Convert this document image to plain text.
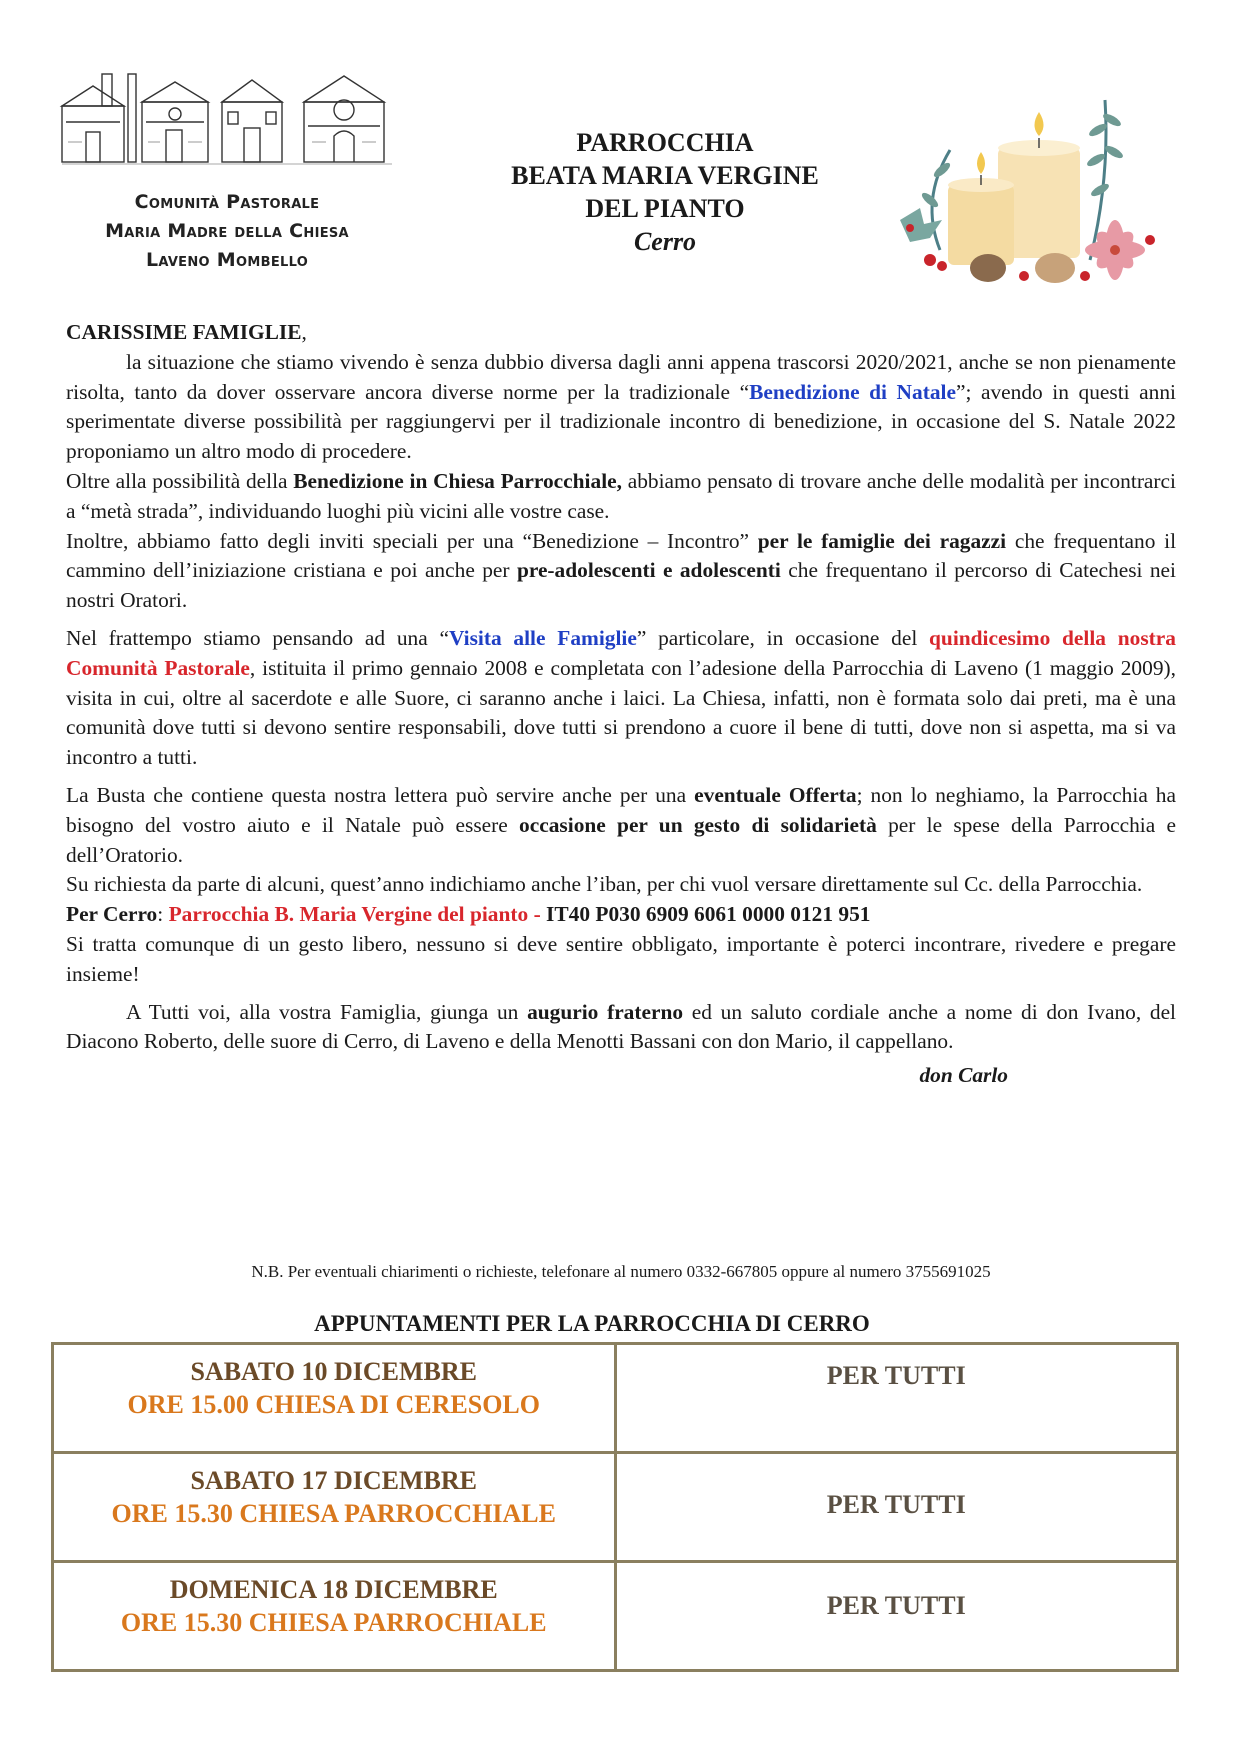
Comunità Pastorale
Maria Madre della Chiesa
Laveno Mombello
PARROCCHIA
BEATA MARIA VERGINE
DEL PIANTO
Cerro

CARISSIME FAMIGLIE,

la situazione che stiamo vivendo è senza dubbio diversa dagli anni appena trascorsi 2020/2021, anche se non pienamente risolta, tanto da dover osservare ancora diverse norme per la tradizionale “Benedizione di Natale”; avendo in questi anni sperimentate diverse possibilità per raggiungervi per il tradizionale incontro di benedizione, in occasione del S. Natale 2022 proponiamo un altro modo di procedere.

Oltre alla possibilità della Benedizione in Chiesa Parrocchiale, abbiamo pensato di trovare anche delle modalità per incontrarci a “metà strada”, individuando luoghi più vicini alle vostre case.

Inoltre, abbiamo fatto degli inviti speciali per una “Benedizione – Incontro” per le famiglie dei ragazzi che frequentano il cammino dell’iniziazione cristiana e poi anche per pre-adolescenti e adolescenti che frequentano il percorso di Catechesi nei nostri Oratori.

Nel frattempo stiamo pensando ad una “Visita alle Famiglie” particolare, in occasione del quindicesimo della nostra Comunità Pastorale, istituita il primo gennaio 2008 e completata con l’adesione della Parrocchia di Laveno (1 maggio 2009), visita in cui, oltre al sacerdote e alle Suore, ci saranno anche i laici. La Chiesa, infatti, non è formata solo dai preti, ma è una comunità dove tutti si devono sentire responsabili, dove tutti si prendono a cuore il bene di tutti, dove non si aspetta, ma si va incontro a tutti.

La Busta che contiene questa nostra lettera può servire anche per una eventuale Offerta; non lo neghiamo, la Parrocchia ha bisogno del vostro aiuto e il Natale può essere occasione per un gesto di solidarietà per le spese della Parrocchia e dell’Oratorio.

Su richiesta da parte di alcuni, quest’anno indichiamo anche l’iban, per chi vuol versare direttamente sul Cc. della Parrocchia.

Per Cerro: Parrocchia B. Maria Vergine del pianto - IT40 P030 6909 6061 0000 0121 951

Si tratta comunque di un gesto libero, nessuno si deve sentire obbligato, importante è poterci incontrare, rivedere e pregare insieme!

A Tutti voi, alla vostra Famiglia, giunga un augurio fraterno ed un saluto cordiale anche a nome di don Ivano, del Diacono Roberto, delle suore di Cerro, di Laveno e della Menotti Bassani con don Mario, il cappellano.

don Carlo

N.B. Per eventuali chiarimenti o richieste, telefonare al numero 0332-667805 oppure al numero 3755691025
APPUNTAMENTI PER LA PARROCCHIA DI CERRO
SABATO 10 DICEMBRE
ORE 15.00 CHIESA DI CERESOLO	PER TUTTI

SABATO 17 DICEMBRE
ORE 15.30 CHIESA PARROCCHIALE	PER TUTTI

DOMENICA 18 DICEMBRE
ORE 15.30 CHIESA PARROCHIALE	PER TUTTI
